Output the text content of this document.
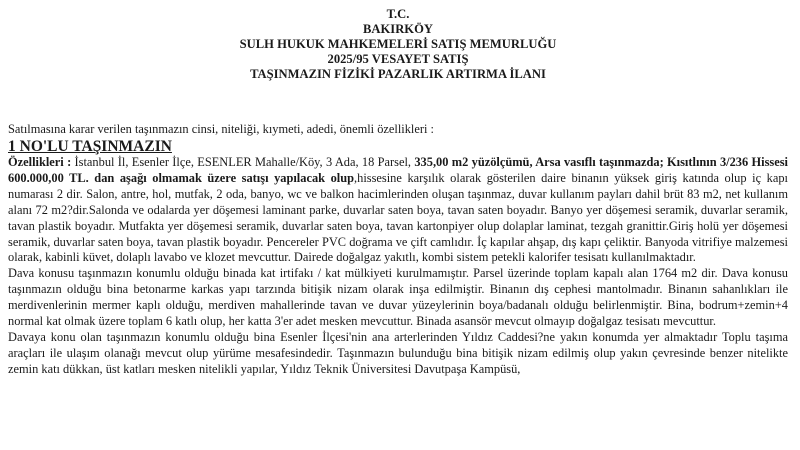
T.C.
BAKIRKÖY
SULH HUKUK MAHKEMELERİ SATIŞ MEMURLUĞU
2025/95 VESAYET SATIŞ
TAŞINMAZIN FİZİKİ PAZARLIK ARTIRMA İLANI
Satılmasına karar verilen taşınmazın cinsi, niteliği, kıymeti, adedi, önemli özellikleri :
1 NO'LU TAŞINMAZIN

Özellikleri : İstanbul İl, Esenler İlçe, ESENLER Mahalle/Köy, 3 Ada, 18 Parsel, 335,00 m2 yüzölçümü, Arsa vasıflı taşınmazda; Kısıtlının 3/236 Hissesi 600.000,00 TL. dan aşağı olmamak üzere satışı yapılacak olup,hissesine karşılık olarak gösterilen daire binanın yüksek giriş katında olup iç kapı numarası 2 dir. Salon, antre, hol, mutfak, 2 oda, banyo, wc ve balkon hacimlerinden oluşan taşınmaz, duvar kullanım payları dahil brüt 83 m2, net kullanım alanı 72 m2?dir.Salonda ve odalarda yer döşemesi laminant parke, duvarlar saten boya, tavan saten boyadır. Banyo yer döşemesi seramik, duvarlar seramik, tavan plastik boyadır. Mutfakta yer döşemesi seramik, duvarlar saten boya, tavan kartonpiyer olup dolaplar laminat, tezgah granittir.Giriş holü yer döşemesi seramik, duvarlar saten boya, tavan plastik boyadır. Pencereler PVC doğrama ve çift camlıdır. İç kapılar ahşap, dış kapı çeliktir. Banyoda vitrifiye malzemesi olarak, kabinli küvet, dolaplı lavabo ve klozet mevcuttur. Dairede doğalgaz yakıtlı, kombi sistem petekli kalorifer tesisatı kullanılmaktadır.

Dava konusu taşınmazın konumlu olduğu binada kat irtifakı / kat mülkiyeti kurulmamıştır. Parsel üzerinde toplam kapalı alan 1764 m2 dir. Dava konusu taşınmazın olduğu bina betonarme karkas yapı tarzında bitişik nizam olarak inşa edilmiştir. Binanın dış cephesi mantolmadır. Binanın sahanlıkları ile merdivenlerinin mermer kaplı olduğu, merdiven mahallerinde tavan ve duvar yüzeylerinin boya/badanalı olduğu belirlenmiştir. Bina, bodrum+zemin+4 normal kat olmak üzere toplam 6 katlı olup, her katta 3'er adet mesken mevcuttur. Binada asansör mevcut olmayıp doğalgaz tesisatı mevcuttur.

Davaya konu olan taşınmazın konumlu olduğu bina Esenler İlçesi'nin ana arterlerinden Yıldız Caddesi?ne yakın konumda yer almaktadır Toplu taşıma araçları ile ulaşım olanağı mevcut olup yürüme mesafesindedir. Taşınmazın bulunduğu bina bitişik nizam edilmiş olup yakın çevresinde benzer nitelikte zemin katı dükkan, üst katları mesken nitelikli yapılar, Yıldız Teknik Üniversitesi Davutpaşa Kampüsü,
